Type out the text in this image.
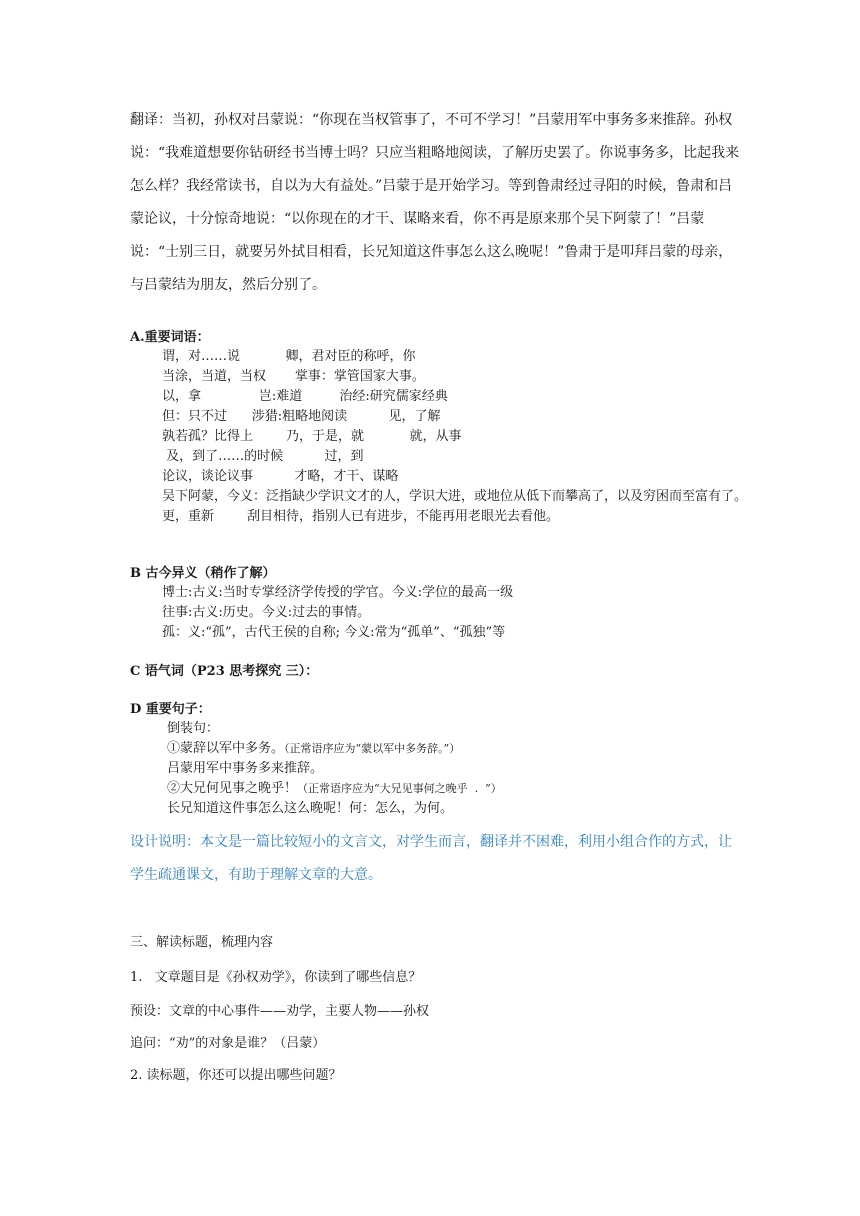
翻译：当初，孙权对吕蒙说：“你现在当权管事了，不可不学习！”吕蒙用军中事务多来推辞。孙权说：“我难道想要你钻研经书当博士吗？只应当粗略地阅读，了解历史罢了。你说事务多，比起我来怎么样？我经常读书，自以为大有益处。”吕蒙于是开始学习。等到鲁肃经过寻阳的时候，鲁肃和吕蒙论议，十分惊奇地说：“以你现在的才干、谋略来看，你不再是原来那个吴下阿蒙了！”吕蒙说：“士别三日，就要另外拭目相看，长兄知道这件事怎么这么晚呢！”鲁肃于是叩拜吕蒙的母亲，与吕蒙结为朋友，然后分别了。

A.重要词语：

谓，对……说           卿，君对臣的称呼，你
当涂，当道，当权       掌事：掌管国家大事。
以，拿              岂:难道         治经:研究儒家经典
但：只不过      涉猎:粗略地阅读          见，了解
孰若孤？比得上        乃，于是，就           就，从事
及，到了……的时候          过，到
论议，谈论议事          才略，才干、谋略
吴下阿蒙，今义：泛指缺少学识文才的人，学识大进，或地位从低下而攀高了，以及穷困而至富有了。
更，重新        刮目相待，指别人已有进步，不能再用老眼光去看他。

B 古今异义（稍作了解）

博士:古义:当时专掌经济学传授的学官。今义:学位的最高一级
往事:古义:历史。今义:过去的事情。
孤：义:“孤”，古代王侯的自称; 今义:常为“孤单”、“孤独”等

C 语气词（P23 思考探究 三）：

D 重要句子：

倒装句：
①蒙辞以军中多务。（正常语序应为“蒙以军中多务辞。”）
吕蒙用军中事务多来推辞。
②大兄何见事之晚乎！（正常语序应为“大兄见事何之晚乎  .  ”）
长兄知道这件事怎么这么晚呢！何：怎么，为何。

设计说明：本文是一篇比较短小的文言文，对学生而言，翻译并不困难，利用小组合作的方式，让学生疏通课文，有助于理解文章的大意。

三、解读标题，梳理内容

1.   文章题目是《孙权劝学》，你读到了哪些信息？

预设：文章的中心事件——劝学，主要人物——孙权

追问：“劝”的对象是谁？（吕蒙）

2. 读标题，你还可以提出哪些问题？
